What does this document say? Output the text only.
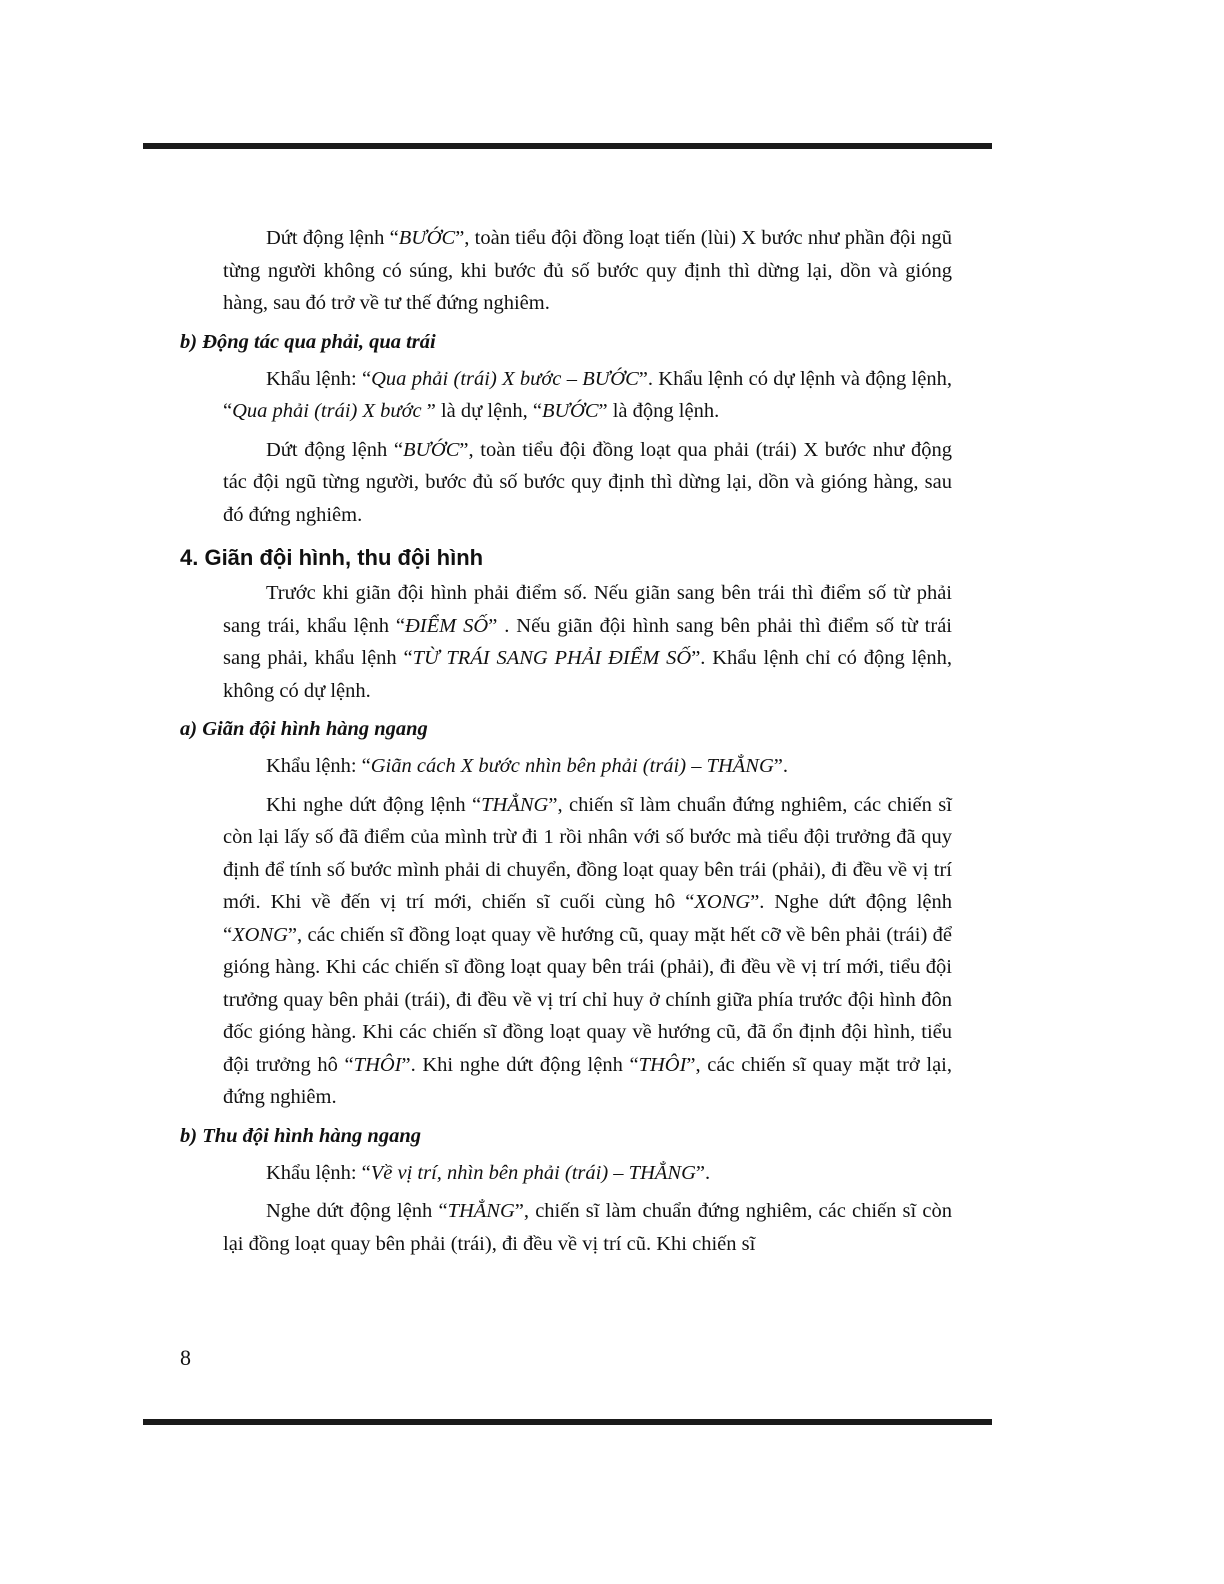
Dứt động lệnh “BƯỚC”, toàn tiểu đội đồng loạt tiến (lùi) X bước như phần đội ngũ từng người không có súng, khi bước đủ số bước quy định thì dừng lại, dồn và gióng hàng, sau đó trở về tư thế đứng nghiêm.

b) Động tác qua phải, qua trái

Khẩu lệnh: “Qua phải (trái) X bước – BƯỚC”. Khẩu lệnh có dự lệnh và động lệnh, “Qua phải (trái) X bước ” là dự lệnh, “BƯỚC” là động lệnh.

Dứt động lệnh “BƯỚC”, toàn tiểu đội đồng loạt qua phải (trái) X bước như động tác đội ngũ từng người, bước đủ số bước quy định thì dừng lại, dồn và gióng hàng, sau đó đứng nghiêm.

4. Giãn đội hình, thu đội hình

Trước khi giãn đội hình phải điểm số. Nếu giãn sang bên trái thì điểm số từ phải sang trái, khẩu lệnh “ĐIỂM SỐ” . Nếu giãn đội hình sang bên phải thì điểm số từ trái sang phải, khẩu lệnh “TỪ TRÁI SANG PHẢI ĐIỂM SỐ”. Khẩu lệnh chỉ có động lệnh, không có dự lệnh.

a) Giãn đội hình hàng ngang

Khẩu lệnh: “Giãn cách X bước nhìn bên phải (trái) – THẲNG”.

Khi nghe dứt động lệnh “THẲNG”, chiến sĩ làm chuẩn đứng nghiêm, các chiến sĩ còn lại lấy số đã điểm của mình trừ đi 1 rồi nhân với số bước mà tiểu đội trưởng đã quy định để tính số bước mình phải di chuyển, đồng loạt quay bên trái (phải), đi đều về vị trí mới. Khi về đến vị trí mới, chiến sĩ cuối cùng hô “XONG”. Nghe dứt động lệnh “XONG”, các chiến sĩ đồng loạt quay về hướng cũ, quay mặt hết cỡ về bên phải (trái) để gióng hàng. Khi các chiến sĩ đồng loạt quay bên trái (phải), đi đều về vị trí mới, tiểu đội trưởng quay bên phải (trái), đi đều về vị trí chỉ huy ở chính giữa phía trước đội hình đôn đốc gióng hàng. Khi các chiến sĩ đồng loạt quay về hướng cũ, đã ổn định đội hình, tiểu đội trưởng hô “THÔI”. Khi nghe dứt động lệnh “THÔI”, các chiến sĩ quay mặt trở lại, đứng nghiêm.

b) Thu đội hình hàng ngang

Khẩu lệnh: “Về vị trí, nhìn bên phải (trái) – THẲNG”.

Nghe dứt động lệnh “THẲNG”, chiến sĩ làm chuẩn đứng nghiêm, các chiến sĩ còn lại đồng loạt quay bên phải (trái), đi đều về vị trí cũ. Khi chiến sĩ

8
